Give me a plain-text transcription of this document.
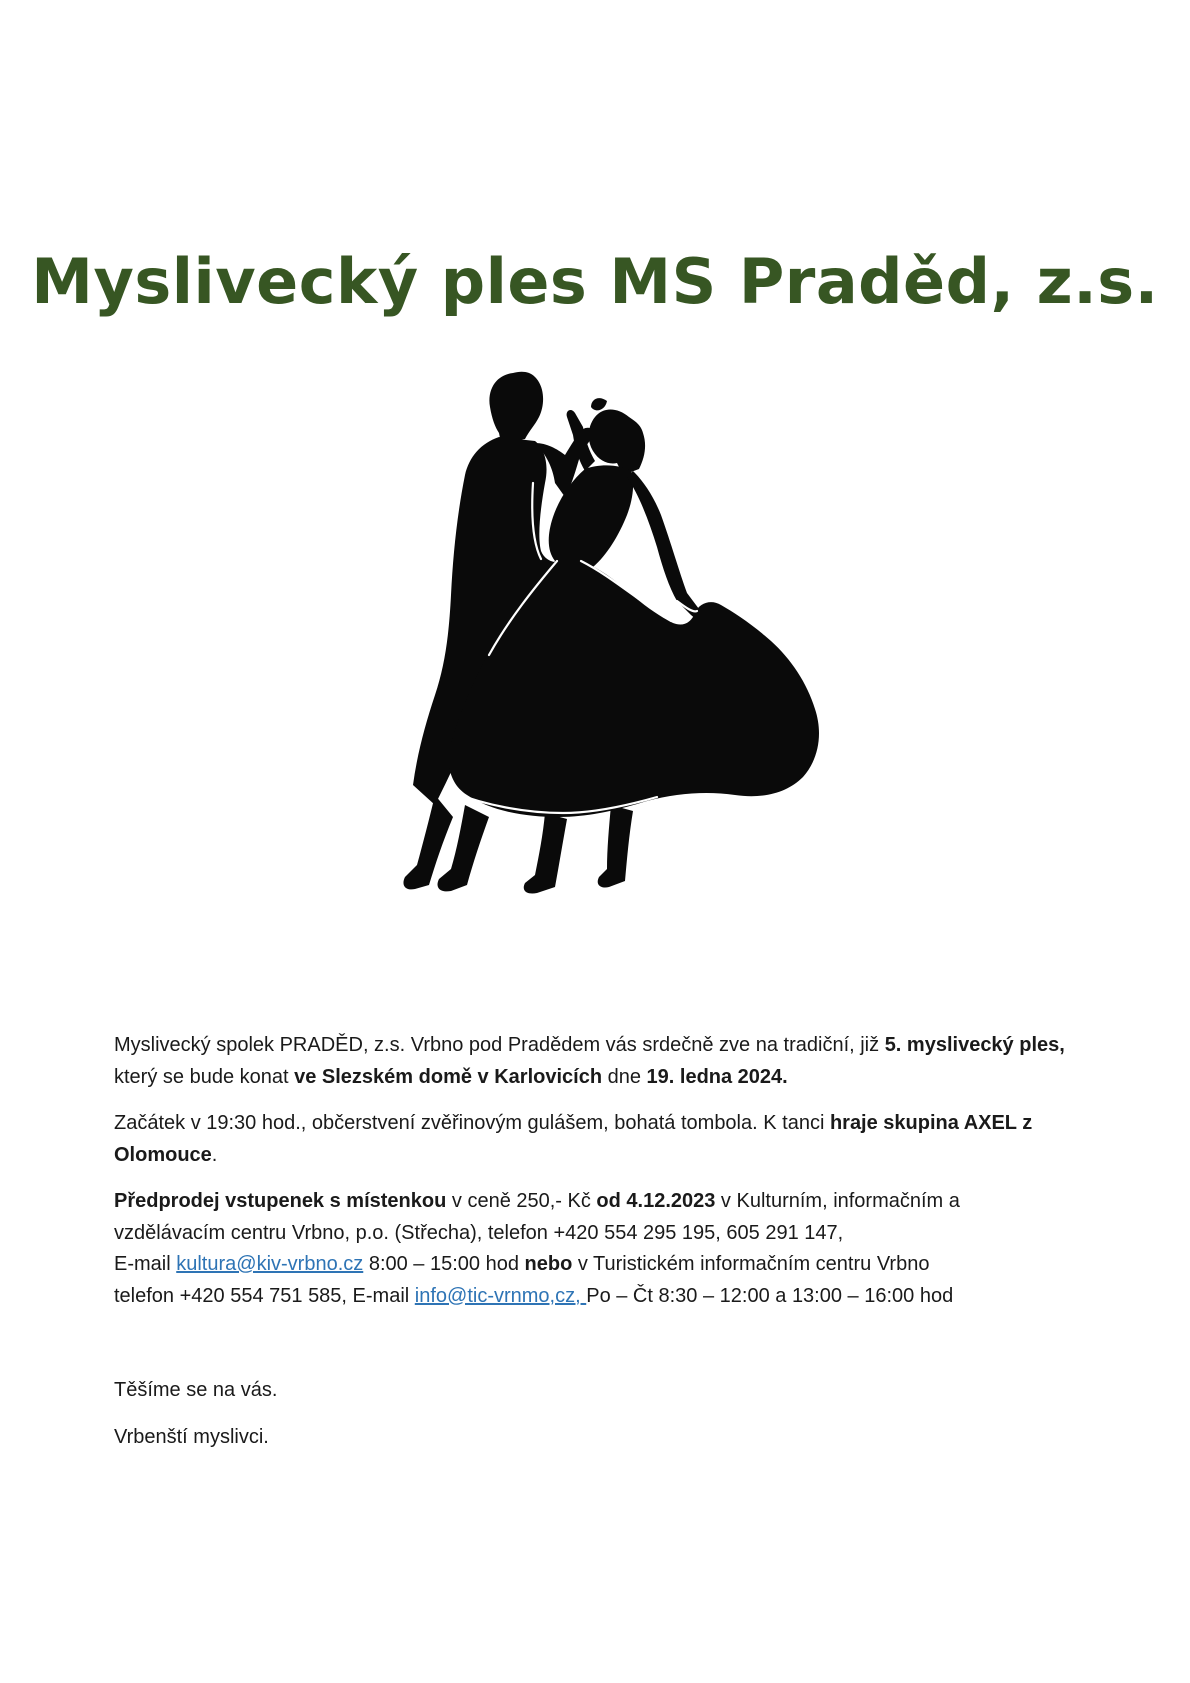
Myslivecký ples MS Praděd, z.s.

Myslivecký spolek PRADĚD, z.s. Vrbno pod Pradědem vás srdečně zve na tradiční, již 5. myslivecký ples, který se bude konat ve Slezském domě v Karlovicích dne 19. ledna 2024.

Začátek v 19:30 hod., občerstvení zvěřinovým gulášem, bohatá tombola. K tanci hraje skupina AXEL z Olomouce.

Předprodej vstupenek s místenkou v ceně 250,- Kč od 4.12.2023 v Kulturním, informačním a vzdělávacím centru Vrbno, p.o. (Střecha), telefon +420 554 295 195, 605 291 147,
E-mail kultura@kiv-vrbno.cz 8:00 – 15:00 hod nebo v Turistickém informačním centru Vrbno
telefon +420 554 751 585, E-mail info@tic-vrnmo,cz, Po – Čt 8:30 – 12:00 a 13:00 – 16:00 hod

Těšíme se na vás.

Vrbenští myslivci.
